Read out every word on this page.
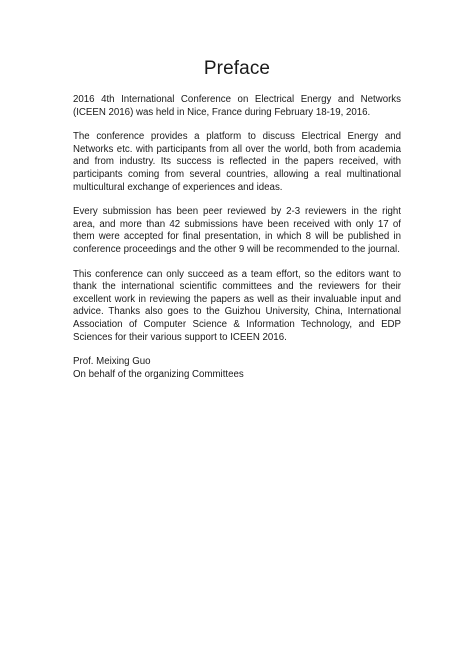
Preface

2016 4th International Conference on Electrical Energy and Networks (ICEEN 2016) was held in Nice, France during February 18-19, 2016.

The conference provides a platform to discuss Electrical Energy and Networks etc. with participants from all over the world, both from academia and from industry. Its success is reflected in the papers received, with participants coming from several countries, allowing a real multinational multicultural exchange of experiences and ideas.

Every submission has been peer reviewed by 2-3 reviewers in the right area, and more than 42 submissions have been received with only 17 of them were accepted for final presentation, in which 8 will be published in conference proceedings and the other 9 will be recommended to the journal.

This conference can only succeed as a team effort, so the editors want to thank the international scientific committees and the reviewers for their excellent work in reviewing the papers as well as their invaluable input and advice. Thanks also goes to the Guizhou University, China, International Association of Computer Science & Information Technology, and EDP Sciences for their various support to ICEEN 2016.

Prof. Meixing Guo

On behalf of the organizing Committees
